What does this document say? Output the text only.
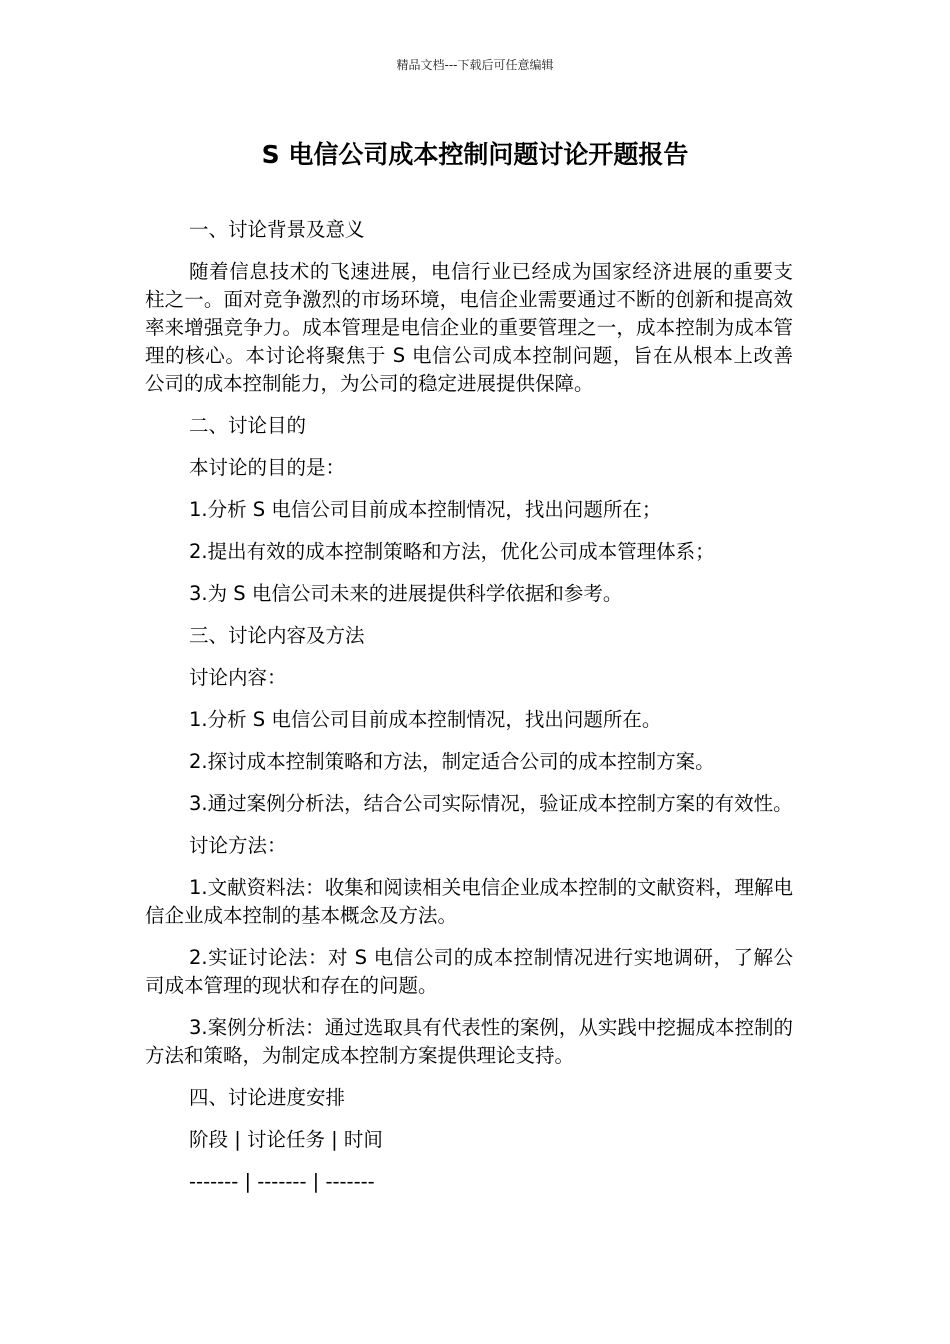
精品文档---下载后可任意编辑
S 电信公司成本控制问题讨论开题报告

一、讨论背景及意义

随着信息技术的飞速进展，电信行业已经成为国家经济进展的重要支柱之一。面对竞争激烈的市场环境，电信企业需要通过不断的创新和提高效率来增强竞争力。成本管理是电信企业的重要管理之一，成本控制为成本管理的核心。本讨论将聚焦于 S 电信公司成本控制问题，旨在从根本上改善公司的成本控制能力，为公司的稳定进展提供保障。

二、讨论目的

本讨论的目的是：

1.分析 S 电信公司目前成本控制情况，找出问题所在；

2.提出有效的成本控制策略和方法，优化公司成本管理体系；

3.为 S 电信公司未来的进展提供科学依据和参考。

三、讨论内容及方法

讨论内容：

1.分析 S 电信公司目前成本控制情况，找出问题所在。

2.探讨成本控制策略和方法，制定适合公司的成本控制方案。

3.通过案例分析法，结合公司实际情况，验证成本控制方案的有效性。

讨论方法：

1.文献资料法：收集和阅读相关电信企业成本控制的文献资料，理解电信企业成本控制的基本概念及方法。

2.实证讨论法：对 S 电信公司的成本控制情况进行实地调研，了解公司成本管理的现状和存在的问题。

3.案例分析法：通过选取具有代表性的案例，从实践中挖掘成本控制的方法和策略，为制定成本控制方案提供理论支持。

四、讨论进度安排

阶段 | 讨论任务 | 时间

------- | ------- | -------
